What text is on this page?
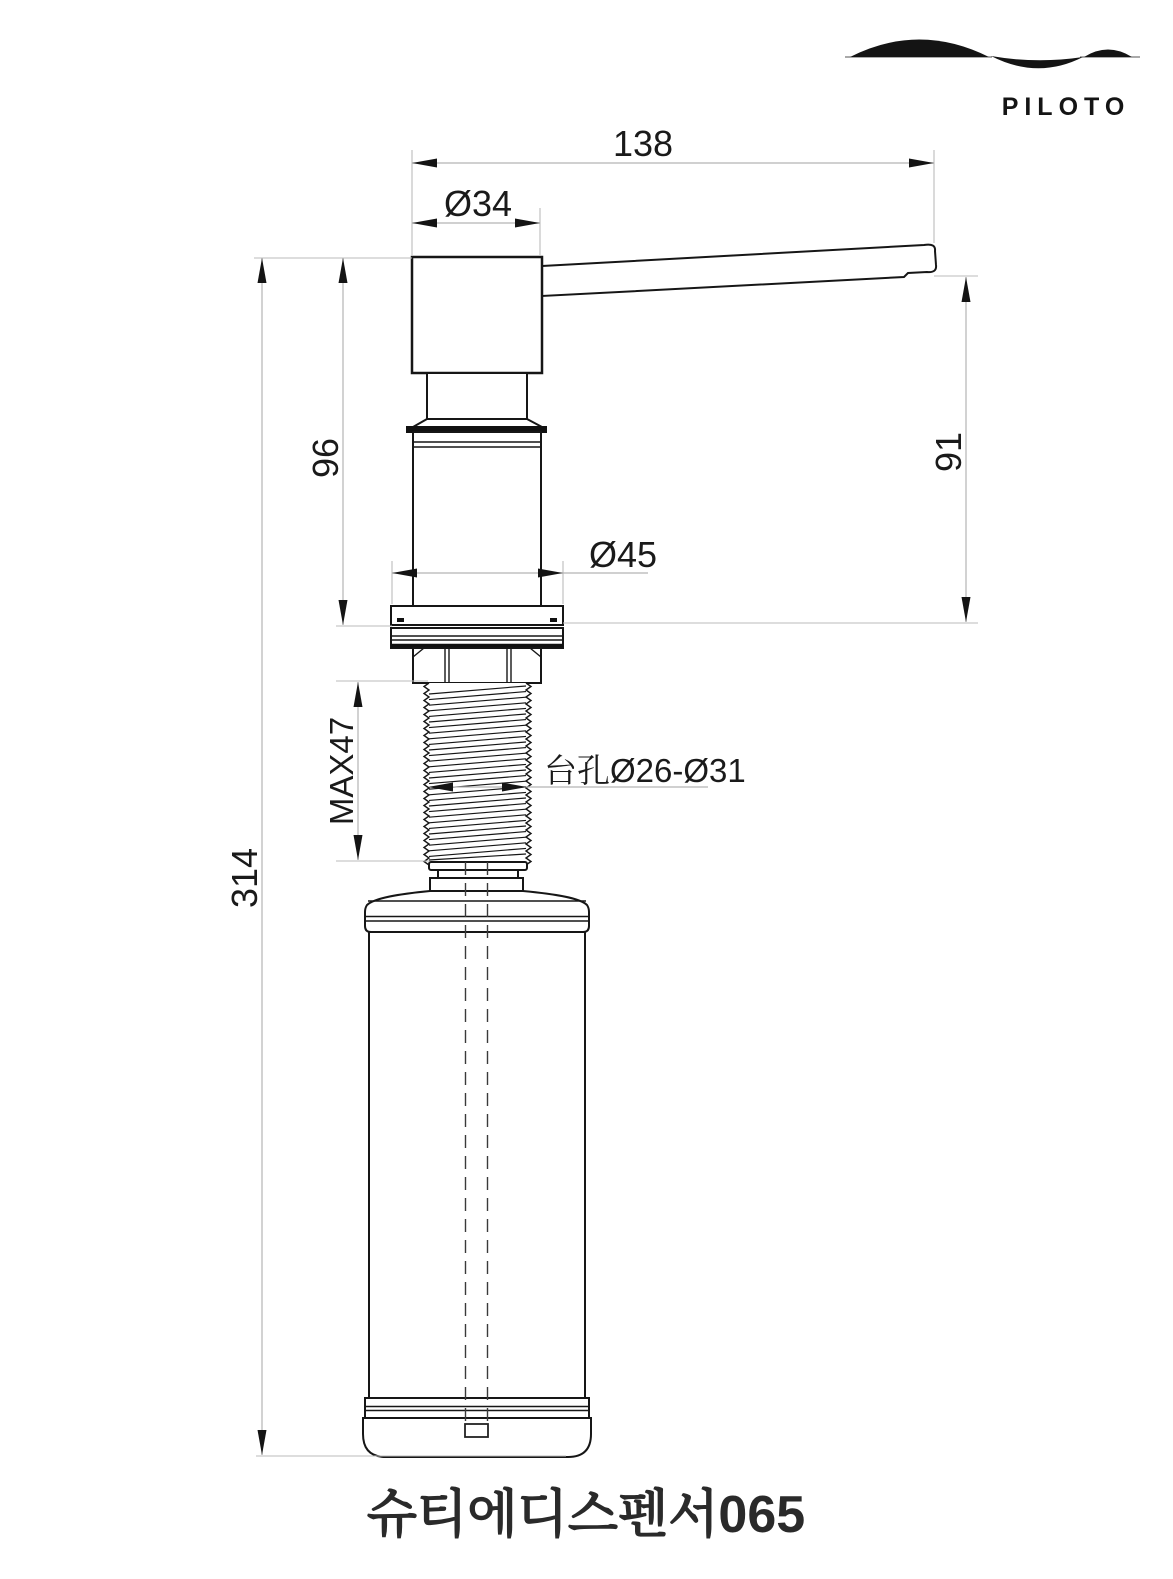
PILOTO
138
Ø34
96	91
Ø45
MAX47	台孔Ø26-Ø31
314
슈티에디스펜서065
